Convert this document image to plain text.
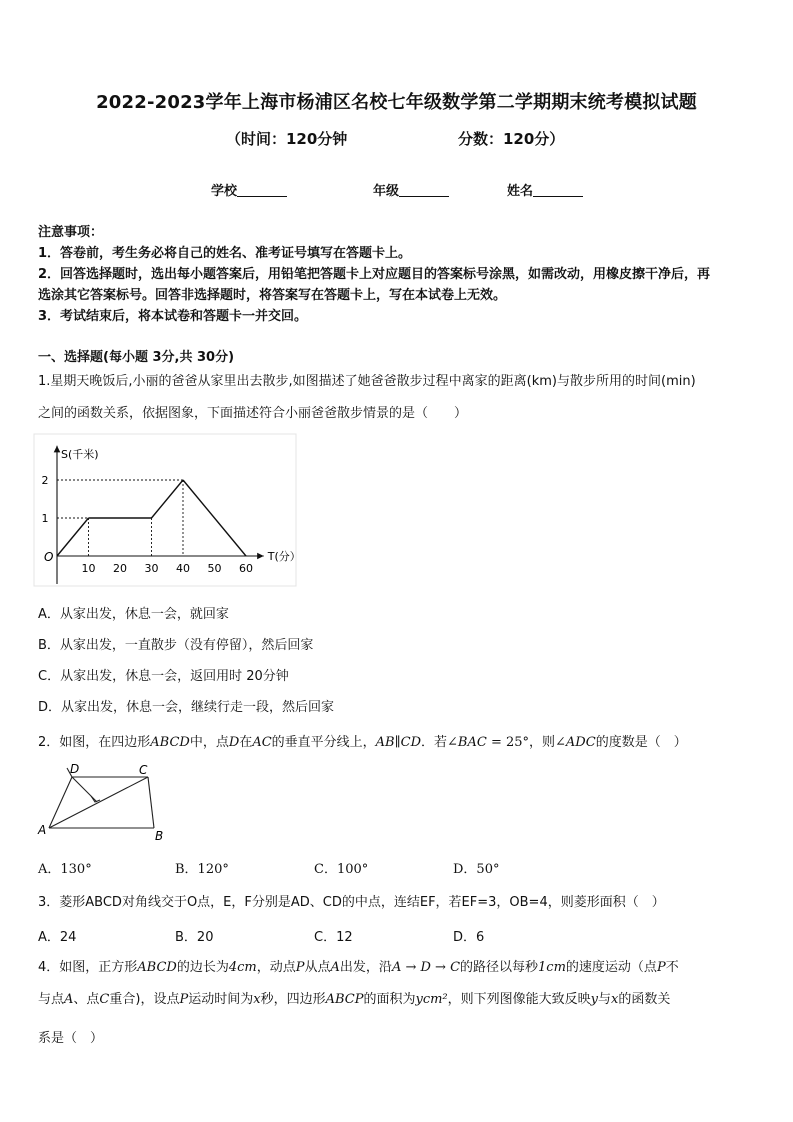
2022-2023学年上海市杨浦区名校七年级数学第二学期期末统考模拟试题
（时间：120分钟	分数：120分）
学校	年级	姓名
注意事项：
1．答卷前，考生务必将自己的姓名、准考证号填写在答题卡上。
2．回答选择题时，选出每小题答案后，用铅笔把答题卡上对应题目的答案标号涂黑，如需改动，用橡皮擦干净后，再
选涂其它答案标号。回答非选择题时，将答案写在答题卡上，写在本试卷上无效。
3．考试结束后，将本试卷和答题卡一并交回。
一、选择题(每小题 3分,共 30分)
1.星期天晚饭后,小丽的爸爸从家里出去散步,如图描述了她爸爸散步过程中离家的距离(km)与散步所用的时间(min)
之间的函数关系，依据图象，下面描述符合小丽爸爸散步情景的是（　　）
S(千米)
T(分）
O
10 20 30 40 50 60
1
2
A．从家出发，休息一会，就回家
B．从家出发，一直散步（没有停留），然后回家
C．从家出发，休息一会，返回用时 20分钟
D．从家出发，休息一会，继续行走一段，然后回家
2．如图，在四边形ABCD中，点D在AC的垂直平分线上，AB∥CD．若∠BAC = 25°，则∠ADC的度数是（　）
D	C
A	B
A．130°	B．120°	C．100°	D．50°
3．菱形ABCD对角线交于O点，E，F分别是AD、CD的中点，连结EF，若EF=3，OB=4，则菱形面积（　）
A．24	B．20	C．12	D．6
4．如图，正方形ABCD的边长为4cm，动点P从点A出发，沿A → D → C的路径以每秒1cm的速度运动（点P不
与点A、点C重合)，设点P运动时间为x秒，四边形ABCP的面积为ycm²，则下列图像能大致反映y与x的函数关
系是（　）
